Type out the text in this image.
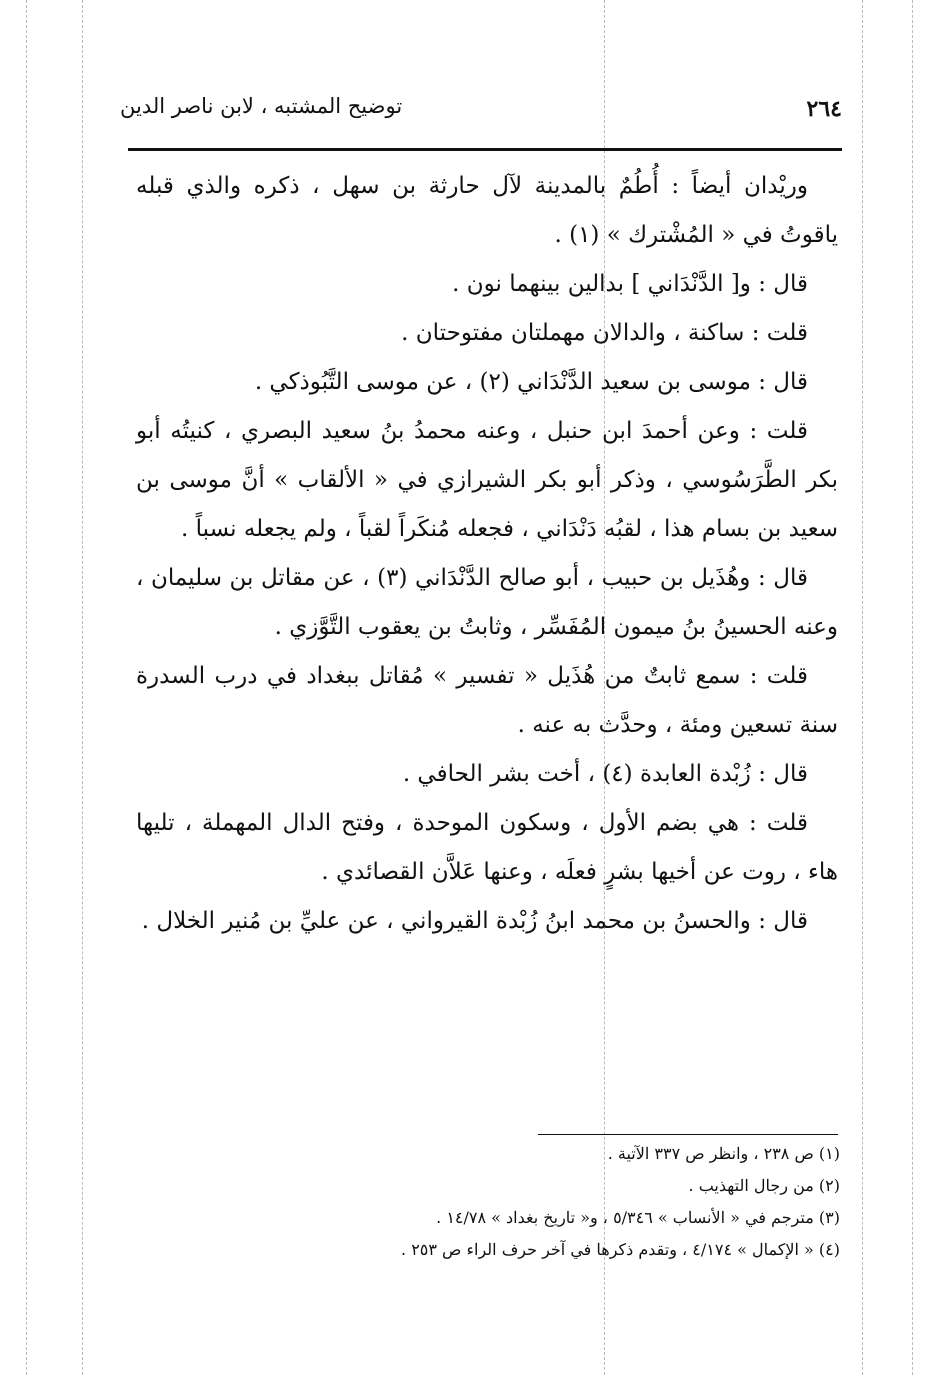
٢٦٤
توضيح المشتبه ، لابن ناصر الدين

وريْدان أيضاً : أُطُمٌ بالمدينة لآل حارثة بن سهل ، ذكره والذي قبله ياقوتُ في « المُشْترك » (١) .

قال : و[ الدَّنْدَاني ] بدالين بينهما نون .

قلت : ساكنة ، والدالان مهملتان مفتوحتان .

قال : موسى بن سعيد الدَّنْدَاني (٢) ، عن موسى التَّبُوذكي .

قلت : وعن أحمدَ ابن حنبل ، وعنه محمدُ بنُ سعيد البصري ، كنيتُه أبو بكر الطَّرَسُوسي ، وذكر أبو بكر الشيرازي في « الألقاب » أنَّ موسى بن سعيد بن بسام هذا ، لقبُه دَنْدَاني ، فجعله مُنكَراً لقباً ، ولم يجعله نسباً .

قال : وهُذَيل بن حبيب ، أبو صالح الدَّنْدَاني (٣) ، عن مقاتل بن سليمان ، وعنه الحسينُ بنُ ميمون المُفَسِّر ، وثابتُ بن يعقوب التَّوَّزي .

قلت : سمع ثابتٌ من هُذَيل « تفسير » مُقاتل ببغداد في درب السدرة سنة تسعين ومئة ، وحدَّث به عنه .

قال : زُبْدة العابدة (٤) ، أخت بشر الحافي .

قلت : هي بضم الأول ، وسكون الموحدة ، وفتح الدال المهملة ، تليها هاء ، روت عن أخيها بشرٍ فعلَه ، وعنها عَلاَّن القصائدي .

قال : والحسنُ بن محمد ابنُ زُبْدة القيرواني ، عن عليِّ بن مُنير الخلال .

(١) ص ٢٣٨ ، وانظر ص ٣٣٧ الآتية .

(٢) من رجال التهذيب .

(٣) مترجم في « الأنساب » ٥/٣٤٦ ، و« تاريخ بغداد » ١٤/٧٨ .

(٤) « الإكمال » ٤/١٧٤ ، وتقدم ذكرها في آخر حرف الراء ص ٢٥٣ .
